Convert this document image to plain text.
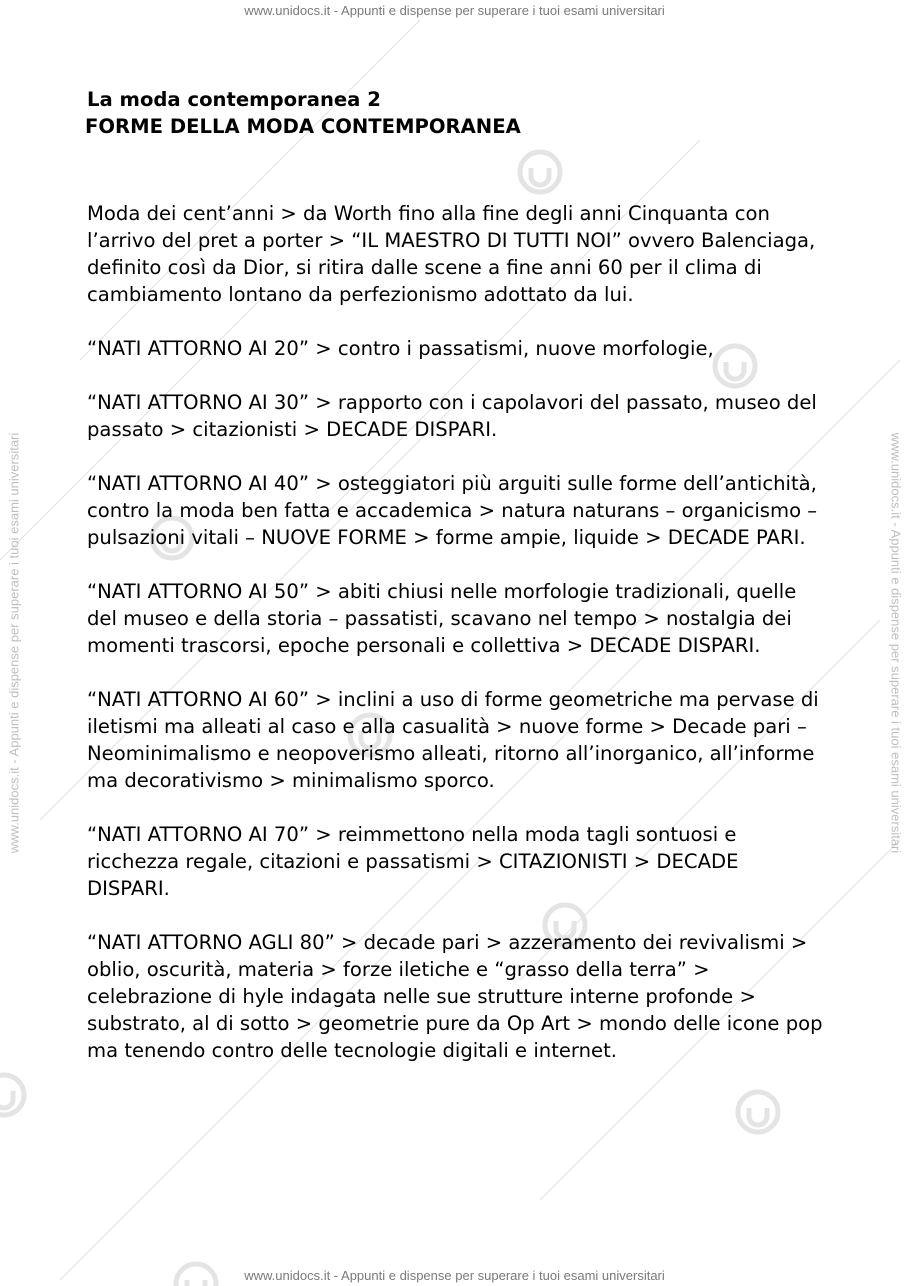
www.unidocs.it - Appunti e dispense per superare i tuoi esami universitari
www.unidocs.it - Appunti e dispense per superare i tuoi esami universitari
www.unidocs.it - Appunti e dispense per superare i tuoi esami universitari	www.unidocs.it - Appunti e dispense per superare i tuoi esami universitari

La moda contemporanea 2

FORME DELLA MODA CONTEMPORANEA

Moda dei cent’anni > da Worth fino alla fine degli anni Cinquanta con l’arrivo del pret a porter > “IL MAESTRO DI TUTTI NOI” ovvero Balenciaga, definito così da Dior, si ritira dalle scene a fine anni 60 per il clima di cambiamento lontano da perfezionismo adottato da lui.

“NATI ATTORNO AI 20” > contro i passatismi, nuove morfologie,

“NATI ATTORNO AI 30” > rapporto con i capolavori del passato, museo del passato > citazionisti > DECADE DISPARI.

“NATI ATTORNO AI 40” > osteggiatori più arguiti sulle forme dell’antichità, contro la moda ben fatta e accademica > natura naturans – organicismo – pulsazioni vitali – NUOVE FORME > forme ampie, liquide > DECADE PARI.

“NATI ATTORNO AI 50” > abiti chiusi nelle morfologie tradizionali, quelle del museo e della storia – passatisti, scavano nel tempo > nostalgia dei momenti trascorsi, epoche personali e collettiva > DECADE DISPARI.

“NATI ATTORNO AI 60” > inclini a uso di forme geometriche ma pervase di iletismi ma alleati al caso e alla casualità > nuove forme > Decade pari – Neominimalismo e neopoverismo alleati, ritorno all’inorganico, all’informe ma decorativismo > minimalismo sporco.

“NATI ATTORNO AI 70” > reimmettono nella moda tagli sontuosi e ricchezza regale, citazioni e passatismi > CITAZIONISTI > DECADE DISPARI.

“NATI ATTORNO AGLI 80” > decade pari > azzeramento dei revivalismi > oblio, oscurità, materia > forze iletiche e “grasso della terra” > celebrazione di hyle indagata nelle sue strutture interne profonde > substrato, al di sotto > geometrie pure da Op Art > mondo delle icone pop ma tenendo contro delle tecnologie digitali e internet.
